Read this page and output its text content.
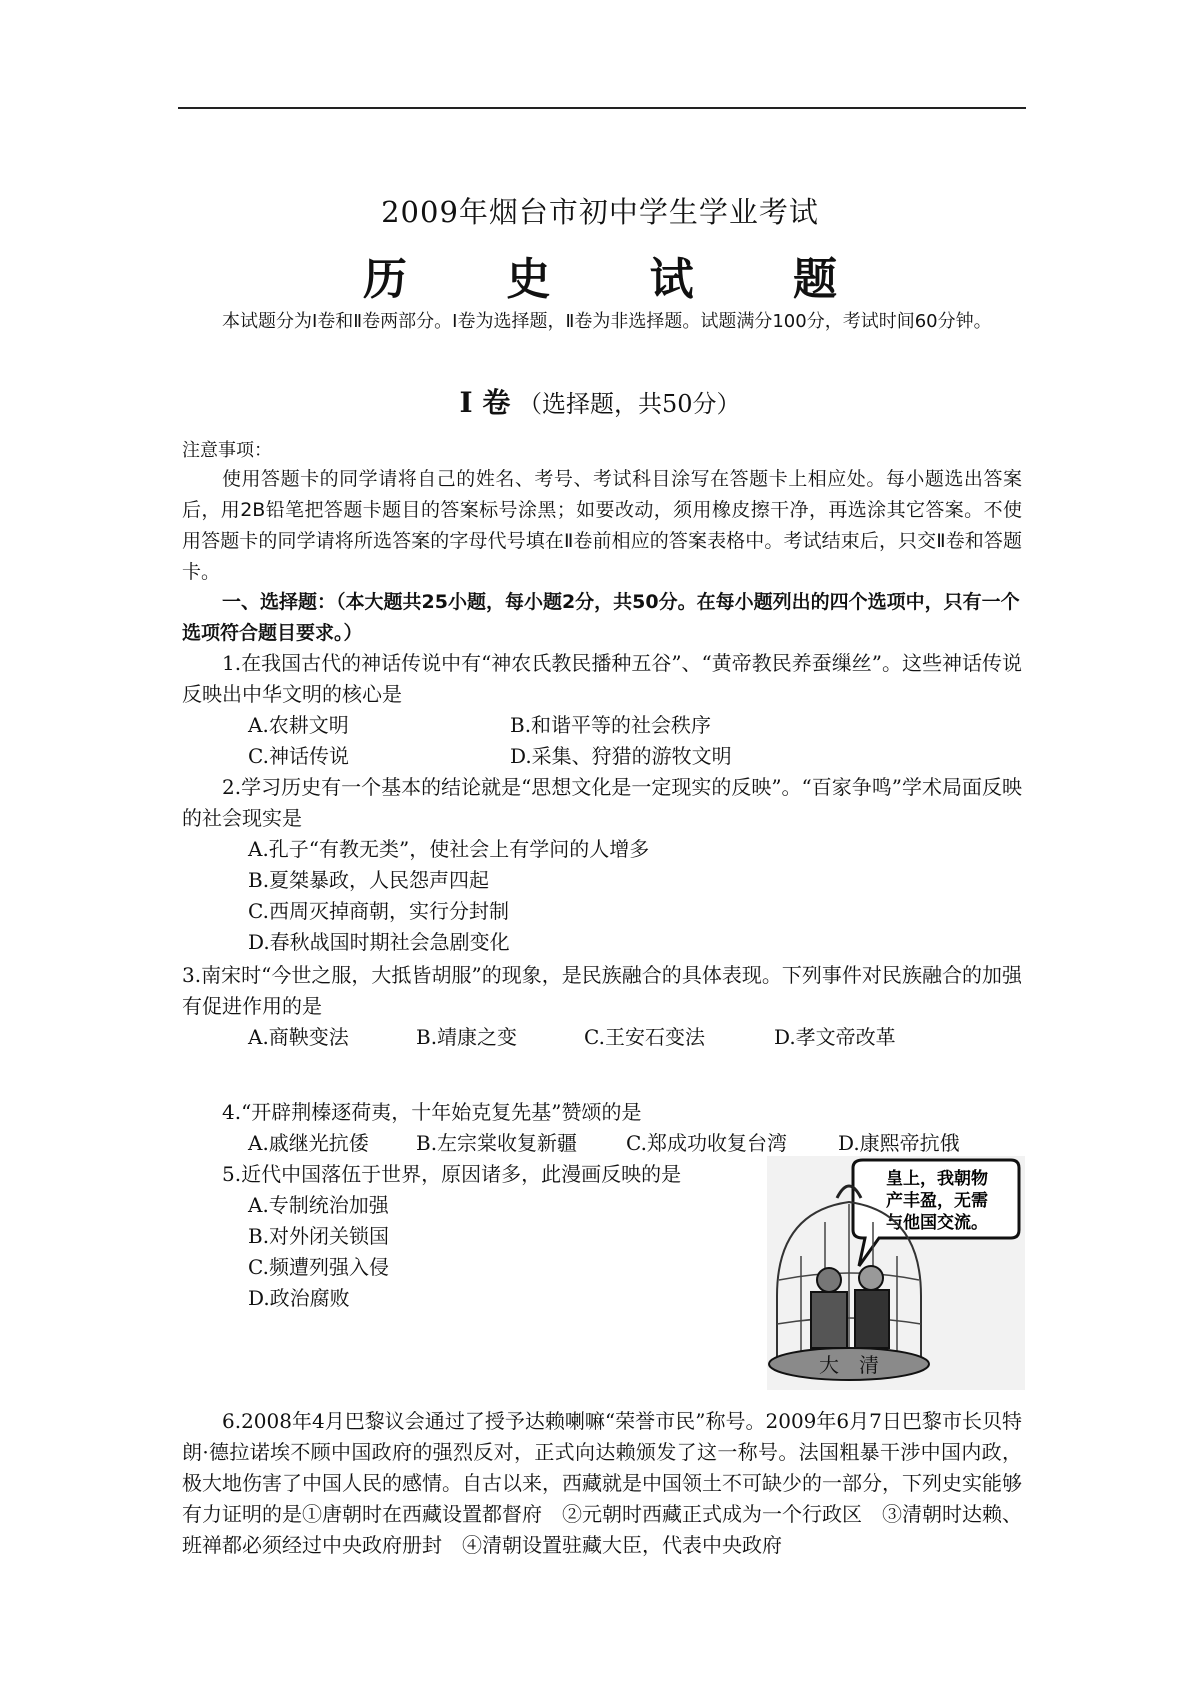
2009年烟台市初中学生学业考试
历 史 试 题
本试题分为Ⅰ卷和Ⅱ卷两部分。Ⅰ卷为选择题，Ⅱ卷为非选择题。试题满分100分，考试时间60分钟。
Ⅰ 卷 （选择题，共50分）
注意事项：
使用答题卡的同学请将自己的姓名、考号、考试科目涂写在答题卡上相应处。每小题选出答案后，用2B铅笔把答题卡题目的答案标号涂黑；如要改动，须用橡皮擦干净，再选涂其它答案。不使用答题卡的同学请将所选答案的字母代号填在Ⅱ卷前相应的答案表格中。考试结束后，只交Ⅱ卷和答题卡。
一、选择题：（本大题共25小题，每小题2分，共50分。在每小题列出的四个选项中，只有一个选项符合题目要求。）

1.在我国古代的神话传说中有“神农氏教民播种五谷”、“黄帝教民养蚕缫丝”。这些神话传说反映出中华文明的核心是

A.农耕文明	B.和谐平等的社会秩序
C.神话传说	D.采集、狩猎的游牧文明

2.学习历史有一个基本的结论就是“思想文化是一定现实的反映”。“百家争鸣”学术局面反映的社会现实是

A.孔子“有教无类”，使社会上有学问的人增多
B.夏桀暴政，人民怨声四起
C.西周灭掉商朝，实行分封制
D.春秋战国时期社会急剧变化

3.南宋时“今世之服，大抵皆胡服”的现象，是民族融合的具体表现。下列事件对民族融合的加强有促进作用的是

A.商鞅变法	B.靖康之变	C.王安石变法	D.孝文帝改革

4.“开辟荆榛逐荷夷，十年始克复先基”赞颂的是

A.戚继光抗倭	B.左宗棠收复新疆	C.郑成功收复台湾	D.康熙帝抗俄

5.近代中国落伍于世界，原因诸多，此漫画反映的是

A.专制统治加强
B.对外闭关锁国
C.频遭列强入侵
D.政治腐败
皇上，我朝物
产丰盈，无需
与他国交流。
大　清

6.2008年4月巴黎议会通过了授予达赖喇嘛“荣誉市民”称号。2009年6月7日巴黎市长贝特朗·德拉诺埃不顾中国政府的强烈反对，正式向达赖颁发了这一称号。法国粗暴干涉中国内政，极大地伤害了中国人民的感情。自古以来，西藏就是中国领土不可缺少的一部分，下列史实能够有力证明的是①唐朝时在西藏设置都督府　②元朝时西藏正式成为一个行政区　③清朝时达赖、班禅都必须经过中央政府册封　④清朝设置驻藏大臣，代表中央政府
